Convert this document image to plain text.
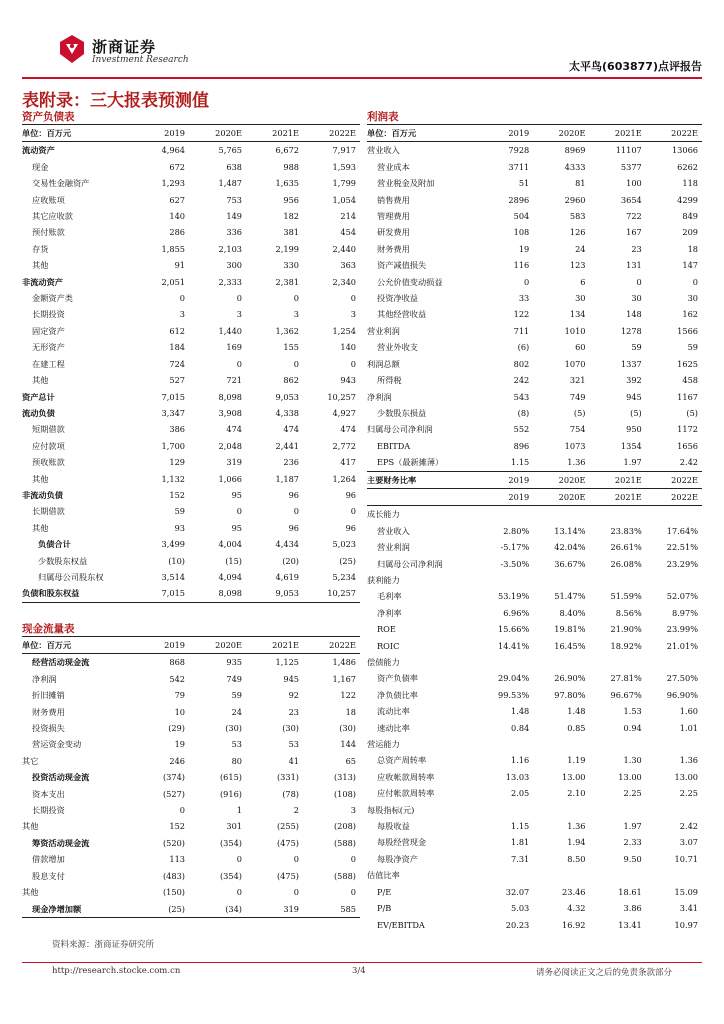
浙商证券
Investment Research	太平鸟(603877)点评报告
表附录：三大报表预测值
资产负债表
单位：百万元	2019	2020E	2021E	2022E
流动资产	4,964	5,765	6,672	7,917
现金	672	638	988	1,593
交易性金融资产	1,293	1,487	1,635	1,799
应收账项	627	753	956	1,054
其它应收款	140	149	182	214
预付账款	286	336	381	454
存货	1,855	2,103	2,199	2,440
其他	91	300	330	363
非流动资产	2,051	2,333	2,381	2,340
金额资产类	0	0	0	0
长期投资	3	3	3	3
固定资产	612	1,440	1,362	1,254
无形资产	184	169	155	140
在建工程	724	0	0	0
其他	527	721	862	943
资产总计	7,015	8,098	9,053	10,257
流动负债	3,347	3,908	4,338	4,927
短期借款	386	474	474	474
应付款项	1,700	2,048	2,441	2,772
预收账款	129	319	236	417
其他	1,132	1,066	1,187	1,264
非流动负债	152	95	96	96
长期借款	59	0	0	0
其他	93	95	96	96
负债合计	3,499	4,004	4,434	5,023
少数股东权益	(10)	(15)	(20)	(25)
归属母公司股东权	3,514	4,094	4,619	5,234
负债和股东权益	7,015	8,098	9,053	10,257
现金流量表
单位：百万元	2019	2020E	2021E	2022E
经营活动现金流	868	935	1,125	1,486
净利润	542	749	945	1,167
折旧摊销	79	59	92	122
财务费用	10	24	23	18
投资损失	(29)	(30)	(30)	(30)
营运资金变动	19	53	53	144
其它	246	80	41	65
投资活动现金流	(374)	(615)	(331)	(313)
资本支出	(527)	(916)	(78)	(108)
长期投资	0	1	2	3
其他	152	301	(255)	(208)
筹资活动现金流	(520)	(354)	(475)	(588)
借款增加	113	0	0	0
股息支付	(483)	(354)	(475)	(588)
其他	(150)	0	0	0
现金净增加额	(25)	(34)	319	585
利润表
单位：百万元	2019	2020E	2021E	2022E
营业收入	7928	8969	11107	13066
营业成本	3711	4333	5377	6262
营业税金及附加	51	81	100	118
销售费用	2896	2960	3654	4299
管理费用	504	583	722	849
研发费用	108	126	167	209
财务费用	19	24	23	18
资产减值损失	116	123	131	147
公允价值变动损益	0	6	0	0
投资净收益	33	30	30	30
其他经营收益	122	134	148	162
营业利润	711	1010	1278	1566
营业外收支	(6)	60	59	59
利润总额	802	1070	1337	1625
所得税	242	321	392	458
净利润	543	749	945	1167
少数股东损益	(8)	(5)	(5)	(5)
归属母公司净利润	552	754	950	1172
EBITDA	896	1073	1354	1656
EPS（最新摊薄）	1.15	1.36	1.97	2.42
主要财务比率	2019	2020E	2021E	2022E
	2019	2020E	2021E	2022E
成长能力				
营业收入	2.80%	13.14%	23.83%	17.64%
营业利润	-5.17%	42.04%	26.61%	22.51%
归属母公司净利润	-3.50%	36.67%	26.08%	23.29%
获利能力				
毛利率	53.19%	51.47%	51.59%	52.07%
净利率	6.96%	8.40%	8.56%	8.97%
ROE	15.66%	19.81%	21.90%	23.99%
ROIC	14.41%	16.45%	18.92%	21.01%
偿债能力				
资产负债率	29.04%	26.90%	27.81%	27.50%
净负债比率	99.53%	97.80%	96.67%	96.90%
流动比率	1.48	1.48	1.53	1.60
速动比率	0.84	0.85	0.94	1.01
营运能力				
总资产周转率	1.16	1.19	1.30	1.36
应收帐款周转率	13.03	13.00	13.00	13.00
应付帐款周转率	2.05	2.10	2.25	2.25
每股指标(元)				
每股收益	1.15	1.36	1.97	2.42
每股经营现金	1.81	1.94	2.33	3.07
每股净资产	7.31	8.50	9.50	10.71
估值比率				
P/E	32.07	23.46	18.61	15.09
P/B	5.03	4.32	3.86	3.41
EV/EBITDA	20.23	16.92	13.41	10.97
资料来源：浙商证券研究所
http://research.stocke.com.cn	3/4	请务必阅读正文之后的免责条款部分
